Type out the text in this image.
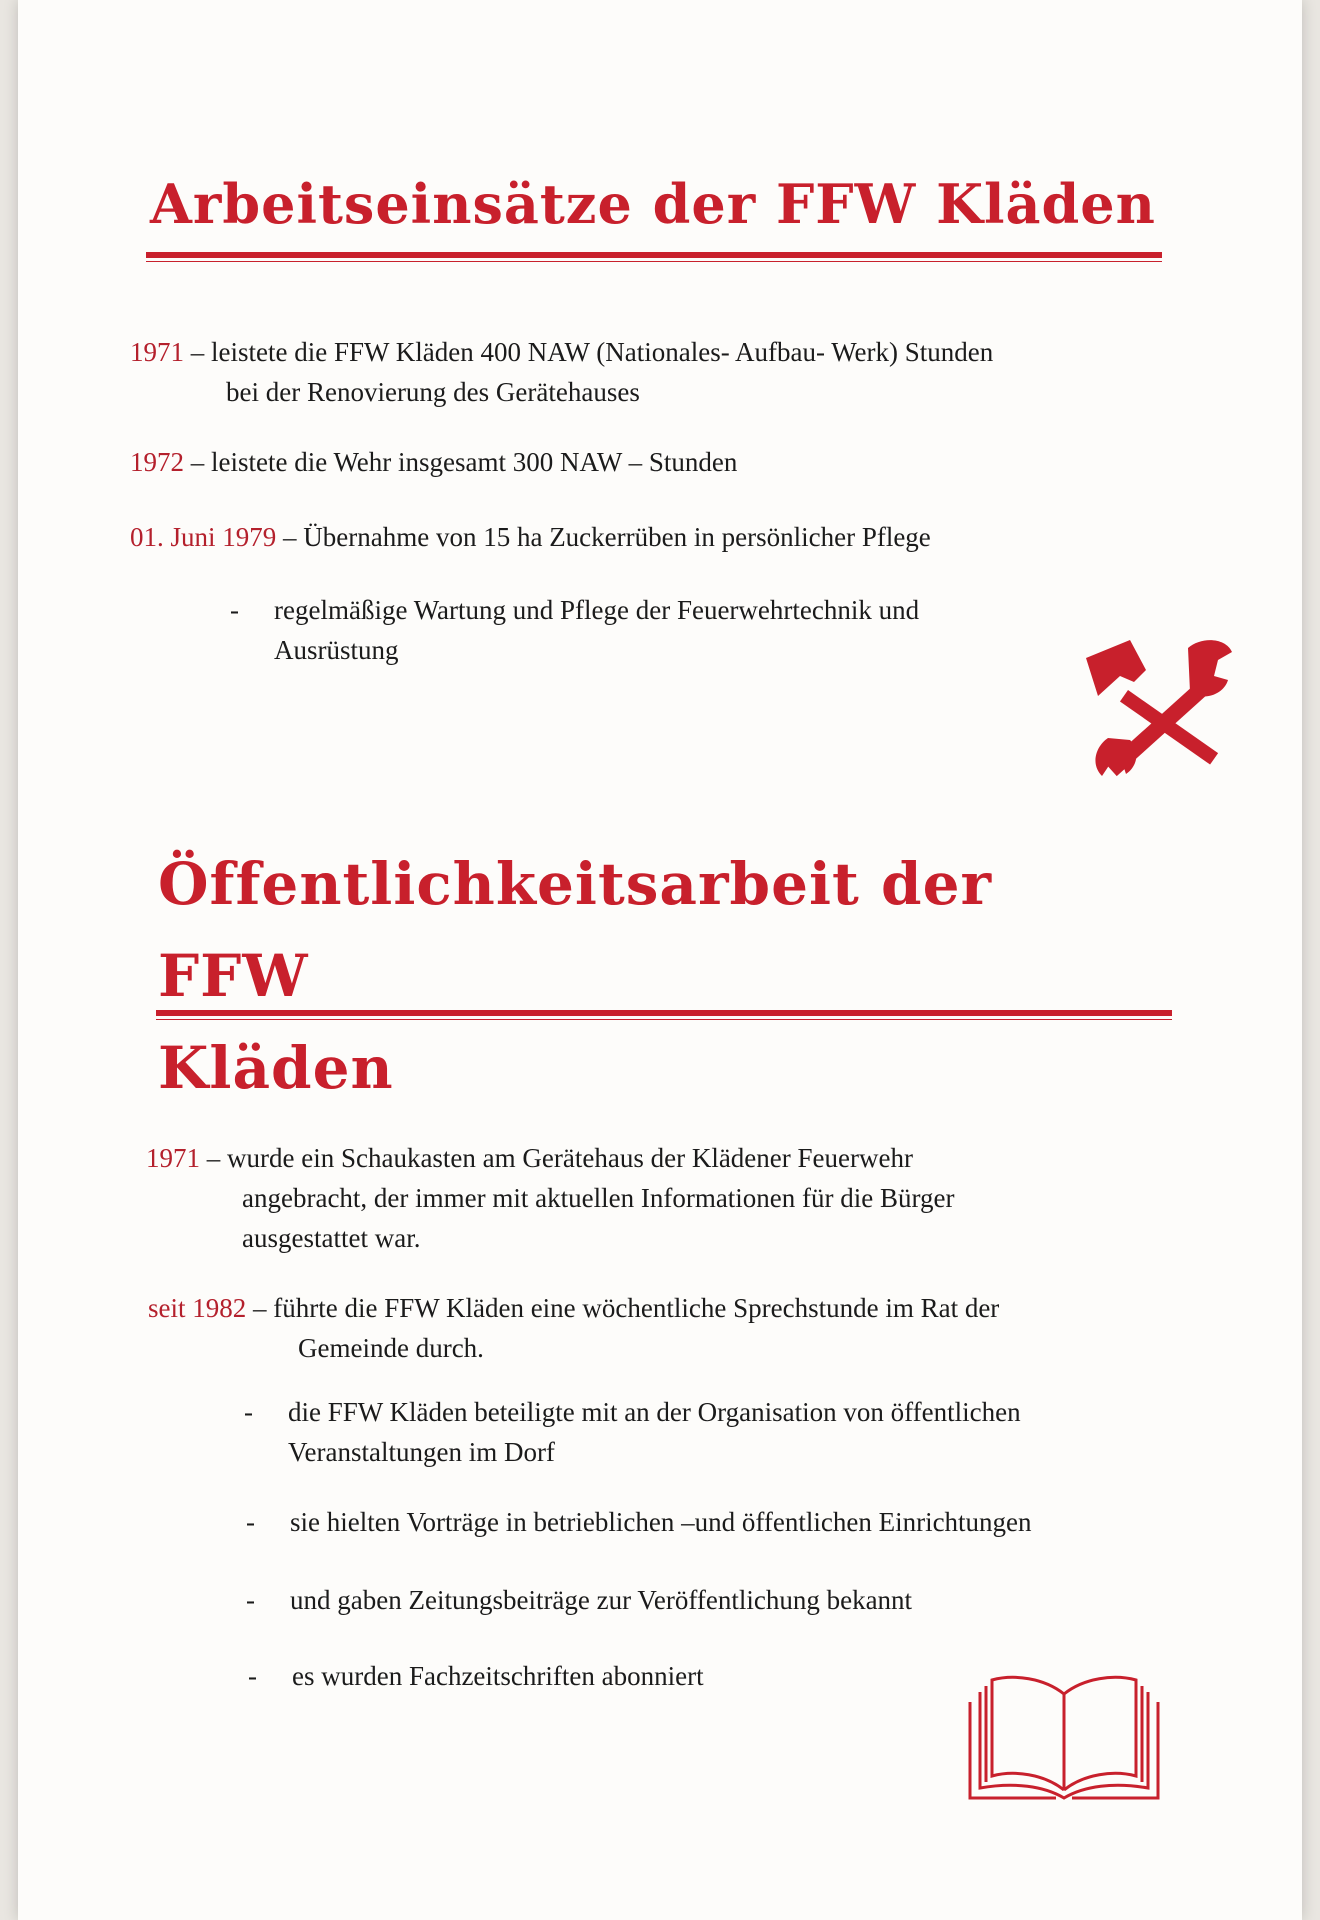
Arbeitseinsätze der FFW Kläden

1971 – leistete die FFW Kläden 400 NAW (Nationales- Aufbau- Werk) Stunden
bei der Renovierung des Gerätehauses

1972 – leistete die Wehr insgesamt 300 NAW – Stunden

01. Juni 1979 – Übernahme von 15 ha Zuckerrüben in persönlicher Pflege

- regelmäßige Wartung und Pflege der Feuerwehrtechnik und
Ausrüstung

Öffentlichkeitsarbeit der FFW
Kläden

1971 – wurde ein Schaukasten am Gerätehaus der Klädener Feuerwehr
angebracht, der immer mit aktuellen Informationen für die Bürger
ausgestattet war.

seit 1982 – führte die FFW Kläden eine wöchentliche Sprechstunde im Rat der
Gemeinde durch.

- die FFW Kläden beteiligte mit an der Organisation von öffentlichen
Veranstaltungen im Dorf

- sie hielten Vorträge in betrieblichen –und öffentlichen Einrichtungen

- und gaben Zeitungsbeiträge zur Veröffentlichung bekannt

- es wurden Fachzeitschriften abonniert
